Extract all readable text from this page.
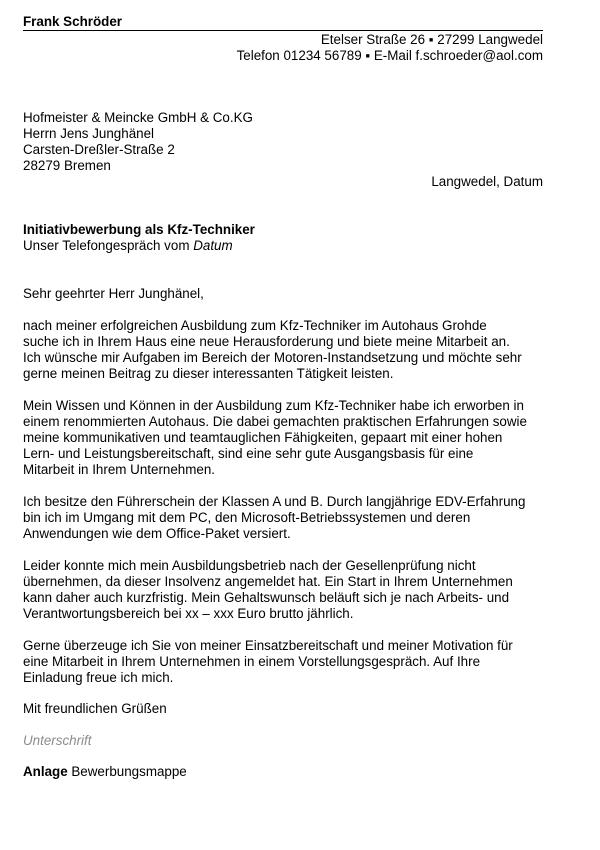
Frank Schröder
Etelser Straße 26 ▪ 27299 Langwedel
Telefon 01234 56789 ▪ E-Mail f.schroeder@aol.com
Hofmeister & Meincke GmbH & Co.KG
Herrn Jens Junghänel
Carsten-Dreßler-Straße 2
28279 Bremen
Langwedel, Datum
Initiativbewerbung als Kfz-Techniker
Unser Telefongespräch vom Datum
Sehr geehrter Herr Junghänel,
nach meiner erfolgreichen Ausbildung zum Kfz-Techniker im Autohaus Grohde
suche ich in Ihrem Haus eine neue Herausforderung und biete meine Mitarbeit an.
Ich wünsche mir Aufgaben im Bereich der Motoren-Instandsetzung und möchte sehr
gerne meinen Beitrag zu dieser interessanten Tätigkeit leisten.
Mein Wissen und Können in der Ausbildung zum Kfz-Techniker habe ich erworben in
einem renommierten Autohaus. Die dabei gemachten praktischen Erfahrungen sowie
meine kommunikativen und teamtauglichen Fähigkeiten, gepaart mit einer hohen
Lern- und Leistungsbereitschaft, sind eine sehr gute Ausgangsbasis für eine
Mitarbeit in Ihrem Unternehmen.
Ich besitze den Führerschein der Klassen A und B. Durch langjährige EDV-Erfahrung
bin ich im Umgang mit dem PC, den Microsoft-Betriebssystemen und deren
Anwendungen wie dem Office-Paket versiert.
Leider konnte mich mein Ausbildungsbetrieb nach der Gesellenprüfung nicht
übernehmen, da dieser Insolvenz angemeldet hat. Ein Start in Ihrem Unternehmen
kann daher auch kurzfristig. Mein Gehaltswunsch beläuft sich je nach Arbeits- und
Verantwortungsbereich bei xx – xxx Euro brutto jährlich.
Gerne überzeuge ich Sie von meiner Einsatzbereitschaft und meiner Motivation für
eine Mitarbeit in Ihrem Unternehmen in einem Vorstellungsgespräch. Auf Ihre
Einladung freue ich mich.
Mit freundlichen Grüßen
Unterschrift
Anlage Bewerbungsmappe
